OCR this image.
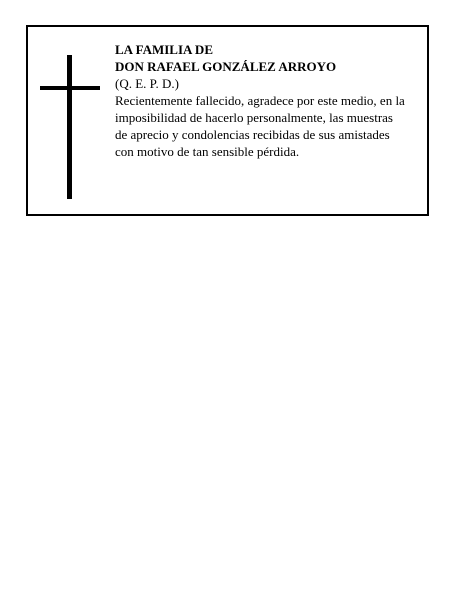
LA FAMILIA DE
DON RAFAEL GONZÁLEZ ARROYO
(Q. E. P. D.)
Recientemente fallecido, agradece por este medio, en la
imposibilidad de hacerlo personalmente, las muestras
de aprecio y condolencias recibidas de sus amistades
con motivo de tan sensible pérdida.
